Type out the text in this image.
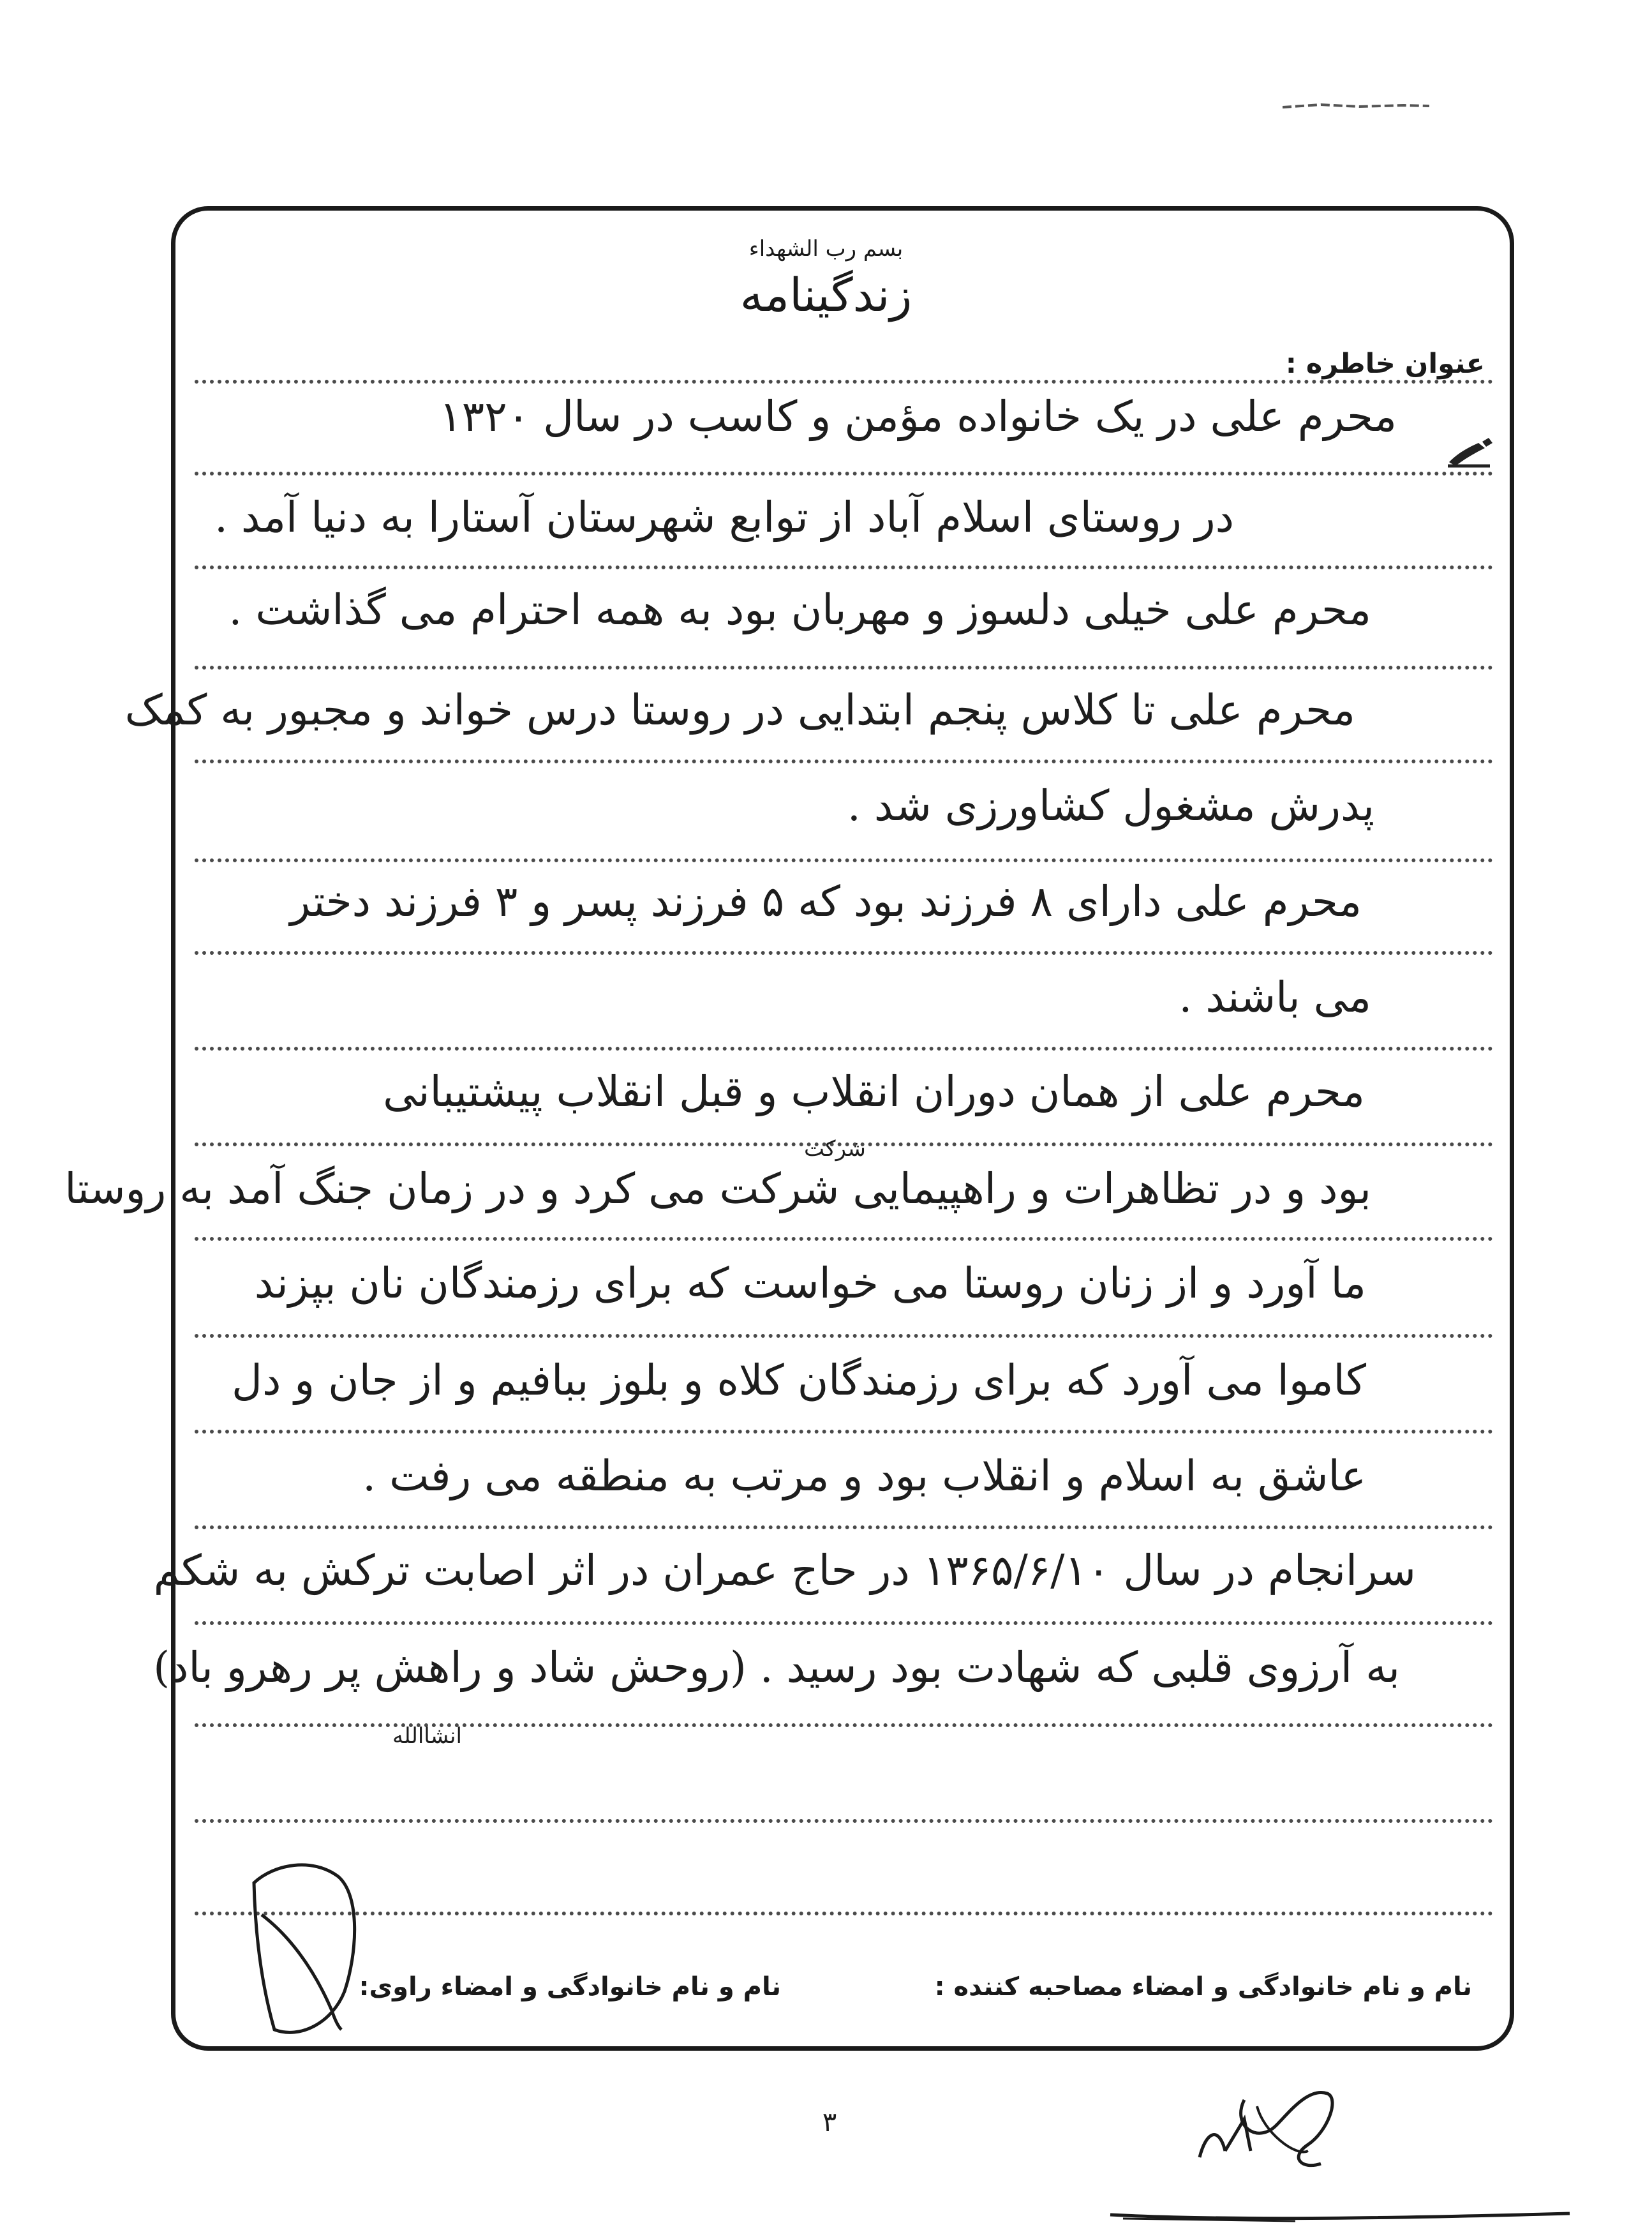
بسم رب الشهداء
زندگینامه
عنوان خاطره :
محرم علی در یک خانواده مؤمن و کاسب در سال ۱۳۲۰
در روستای اسلام آباد از توابع شهرستان آستارا به دنیا آمد .
محرم علی خیلی دلسوز و مهربان بود به همه احترام می گذاشت .
محرم علی تا کلاس پنجم ابتدایی در روستا درس خواند و مجبور به کمک
پدرش مشغول کشاورزی شد .
محرم علی دارای ۸ فرزند بود که ۵ فرزند پسر و ۳ فرزند دختر
می باشند .
محرم علی از همان دوران انقلاب و قبل انقلاب پیشتیبانی
شرکت
بود و در تظاهرات و راهپیمایی شرکت می کرد و در زمان جنگ آمد به روستا
ما آورد و از زنان روستا می خواست که برای رزمندگان نان بپزند
کاموا می آورد که برای رزمندگان کلاه و بلوز ببافیم و از جان و دل
عاشق به اسلام و انقلاب بود و مرتب به منطقه می رفت .
سرانجام در سال ۱۳۶۵/۶/۱۰ در حاج عمران در اثر اصابت ترکش به شکم
به آرزوی قلبی که شهادت بود رسید . (روحش شاد و راهش پر رهرو باد)
انشاالله
نام و نام خانوادگی و امضاء راوی:	نام و نام خانوادگی و امضاء مصاحبه کننده :
۳
